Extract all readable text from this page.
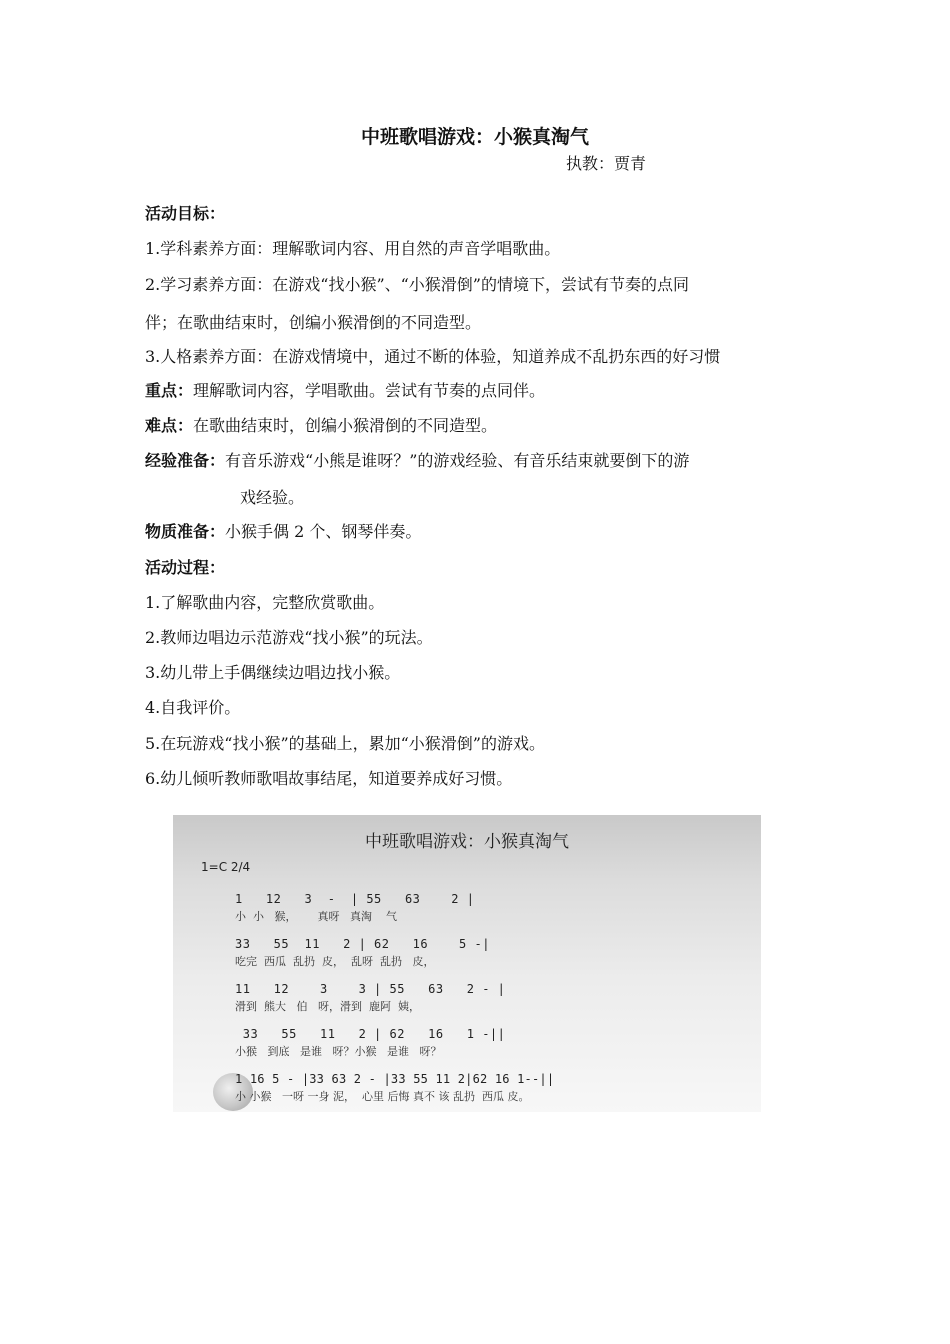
中班歌唱游戏：小猴真淘气
执教：贾青
活动目标：
1.学科素养方面：理解歌词内容、用自然的声音学唱歌曲。
2.学习素养方面：在游戏“找小猴”、“小猴滑倒”的情境下，尝试有节奏的点同
伴；在歌曲结束时，创编小猴滑倒的不同造型。
3.人格素养方面：在游戏情境中，通过不断的体验，知道养成不乱扔东西的好习惯
重点：理解歌词内容，学唱歌曲。尝试有节奏的点同伴。
难点：在歌曲结束时，创编小猴滑倒的不同造型。
经验准备：有音乐游戏“小熊是谁呀？”的游戏经验、有音乐结束就要倒下的游
戏经验。
物质准备：小猴手偶 2 个、钢琴伴奏。
活动过程：
1.了解歌曲内容，完整欣赏歌曲。
2.教师边唱边示范游戏“找小猴”的玩法。
3.幼儿带上手偶继续边唱边找小猴。
4.自我评价。
5.在玩游戏“找小猴”的基础上，累加“小猴滑倒”的游戏。
6.幼儿倾听教师歌唱故事结尾，知道要养成好习惯。
中班歌唱游戏：小猴真淘气
1=C 2/4
1   12   3  -  | 55   63    2 |
小  小   猴，      真呀   真淘    气
33   55  11   2 | 62   16    5 -|
吃完  西瓜  乱扔  皮，  乱呀  乱扔   皮，
11   12    3    3 | 55   63   2 - |
滑到  熊大   伯   呀，滑到  鹿阿  姨，
33   55   11   2 | 62   16   1 -||
小猴   到底   是谁   呀？小猴   是谁   呀？
1 16 5 - |33 63 2 - |33 55 11 2|62 16 1--||
小 小猴   一呀 一身 泥，  心里 后悔 真不 该 乱扔  西瓜 皮。
